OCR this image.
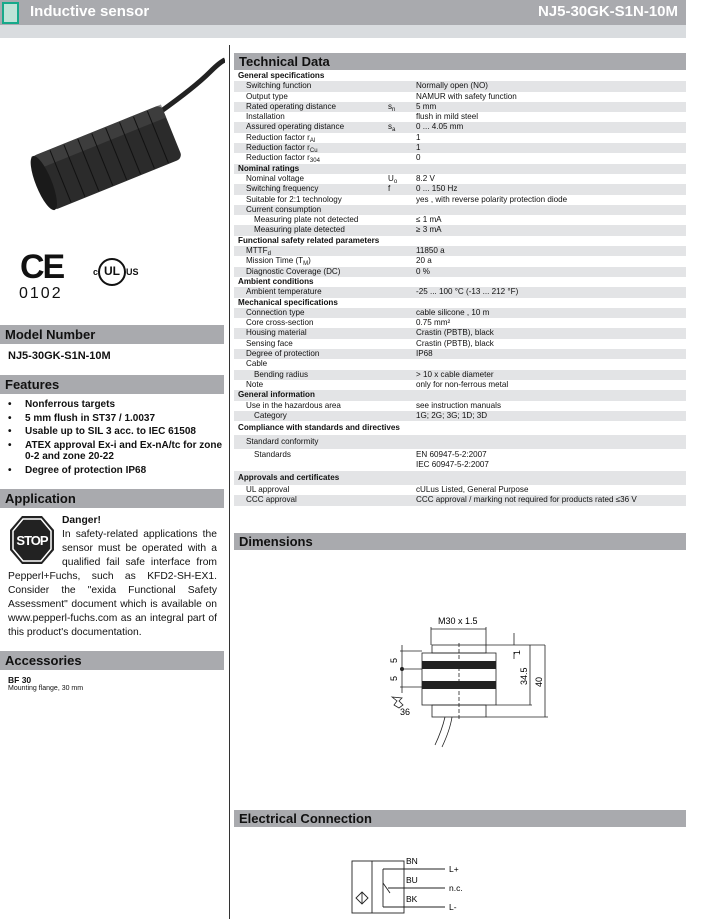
Inductive sensor	NJ5-30GK-S1N-10M
CE
0102
c UL US
Model Number
NJ5-30GK-S1N-10M
Features
• Nonferrous targets
• 5 mm flush in ST37 / 1.0037
• Usable up to SIL 3 acc. to IEC 61508
• ATEX approval Ex-i and Ex-nA/tc for zone 0-2 and zone 20-22
• Degree of protection IP68
Application
STOP
Danger!
In safety-related applications the sensor must be operated with a qualified fail safe interface from Pepperl+Fuchs, such as KFD2-SH-EX1. Consider the "exida Functional Safety Assessment" document which is available on www.pepperl-fuchs.com as an integral part of this product's documentation.
Accessories
BF 30
Mounting flange, 30 mm
Technical Data
General specifications
Switching function	Normally open (NO)
Output type	NAMUR with safety function
Rated operating distance	$s_n$	5 mm
Installation	flush in mild steel
Assured operating distance	$s_a$	0 ... 4.05 mm
Reduction factor $r_{Al}$	1
Reduction factor $r_{Cu}$	1
Reduction factor $r_{304}$	0
Nominal ratings
Nominal voltage	$U_o$	8.2 V
Switching frequency	f	0 ... 150 Hz
Suitable for 2:1 technology	yes , with reverse polarity protection diode
Current consumption
Measuring plate not detected	≤ 1 mA
Measuring plate detected	≥ 3 mA
Functional safety related parameters
$MTTF_d$	11850 a
Mission Time $(T_M)$	20 a
Diagnostic Coverage (DC)	0 %
Ambient conditions
Ambient temperature	-25 ... 100 °C (-13 ... 212 °F)
Mechanical specifications
Connection type	cable silicone , 10 m
Core cross-section	0.75 mm²
Housing material	Crastin (PBTB), black
Sensing face	Crastin (PBTB), black
Degree of protection	IP68
Cable
Bending radius	> 10 x cable diameter
Note	only for non-ferrous metal
General information
Use in the hazardous area	see instruction manuals
Category	1G; 2G; 3G; 1D; 3D
Compliance with standards and directives
Standard conformity
Standards	EN 60947-5-2:2007
IEC 60947-5-2:2007
Approvals and certificates
UL approval	cULus Listed, General Purpose
CCC approval	CCC approval / marking not required for products rated ≤36 V
Dimensions
M30 x 1.5
5
5
1
34.5 40
36
Electrical Connection
BN
BU
BK
L+
n.c.
L-
